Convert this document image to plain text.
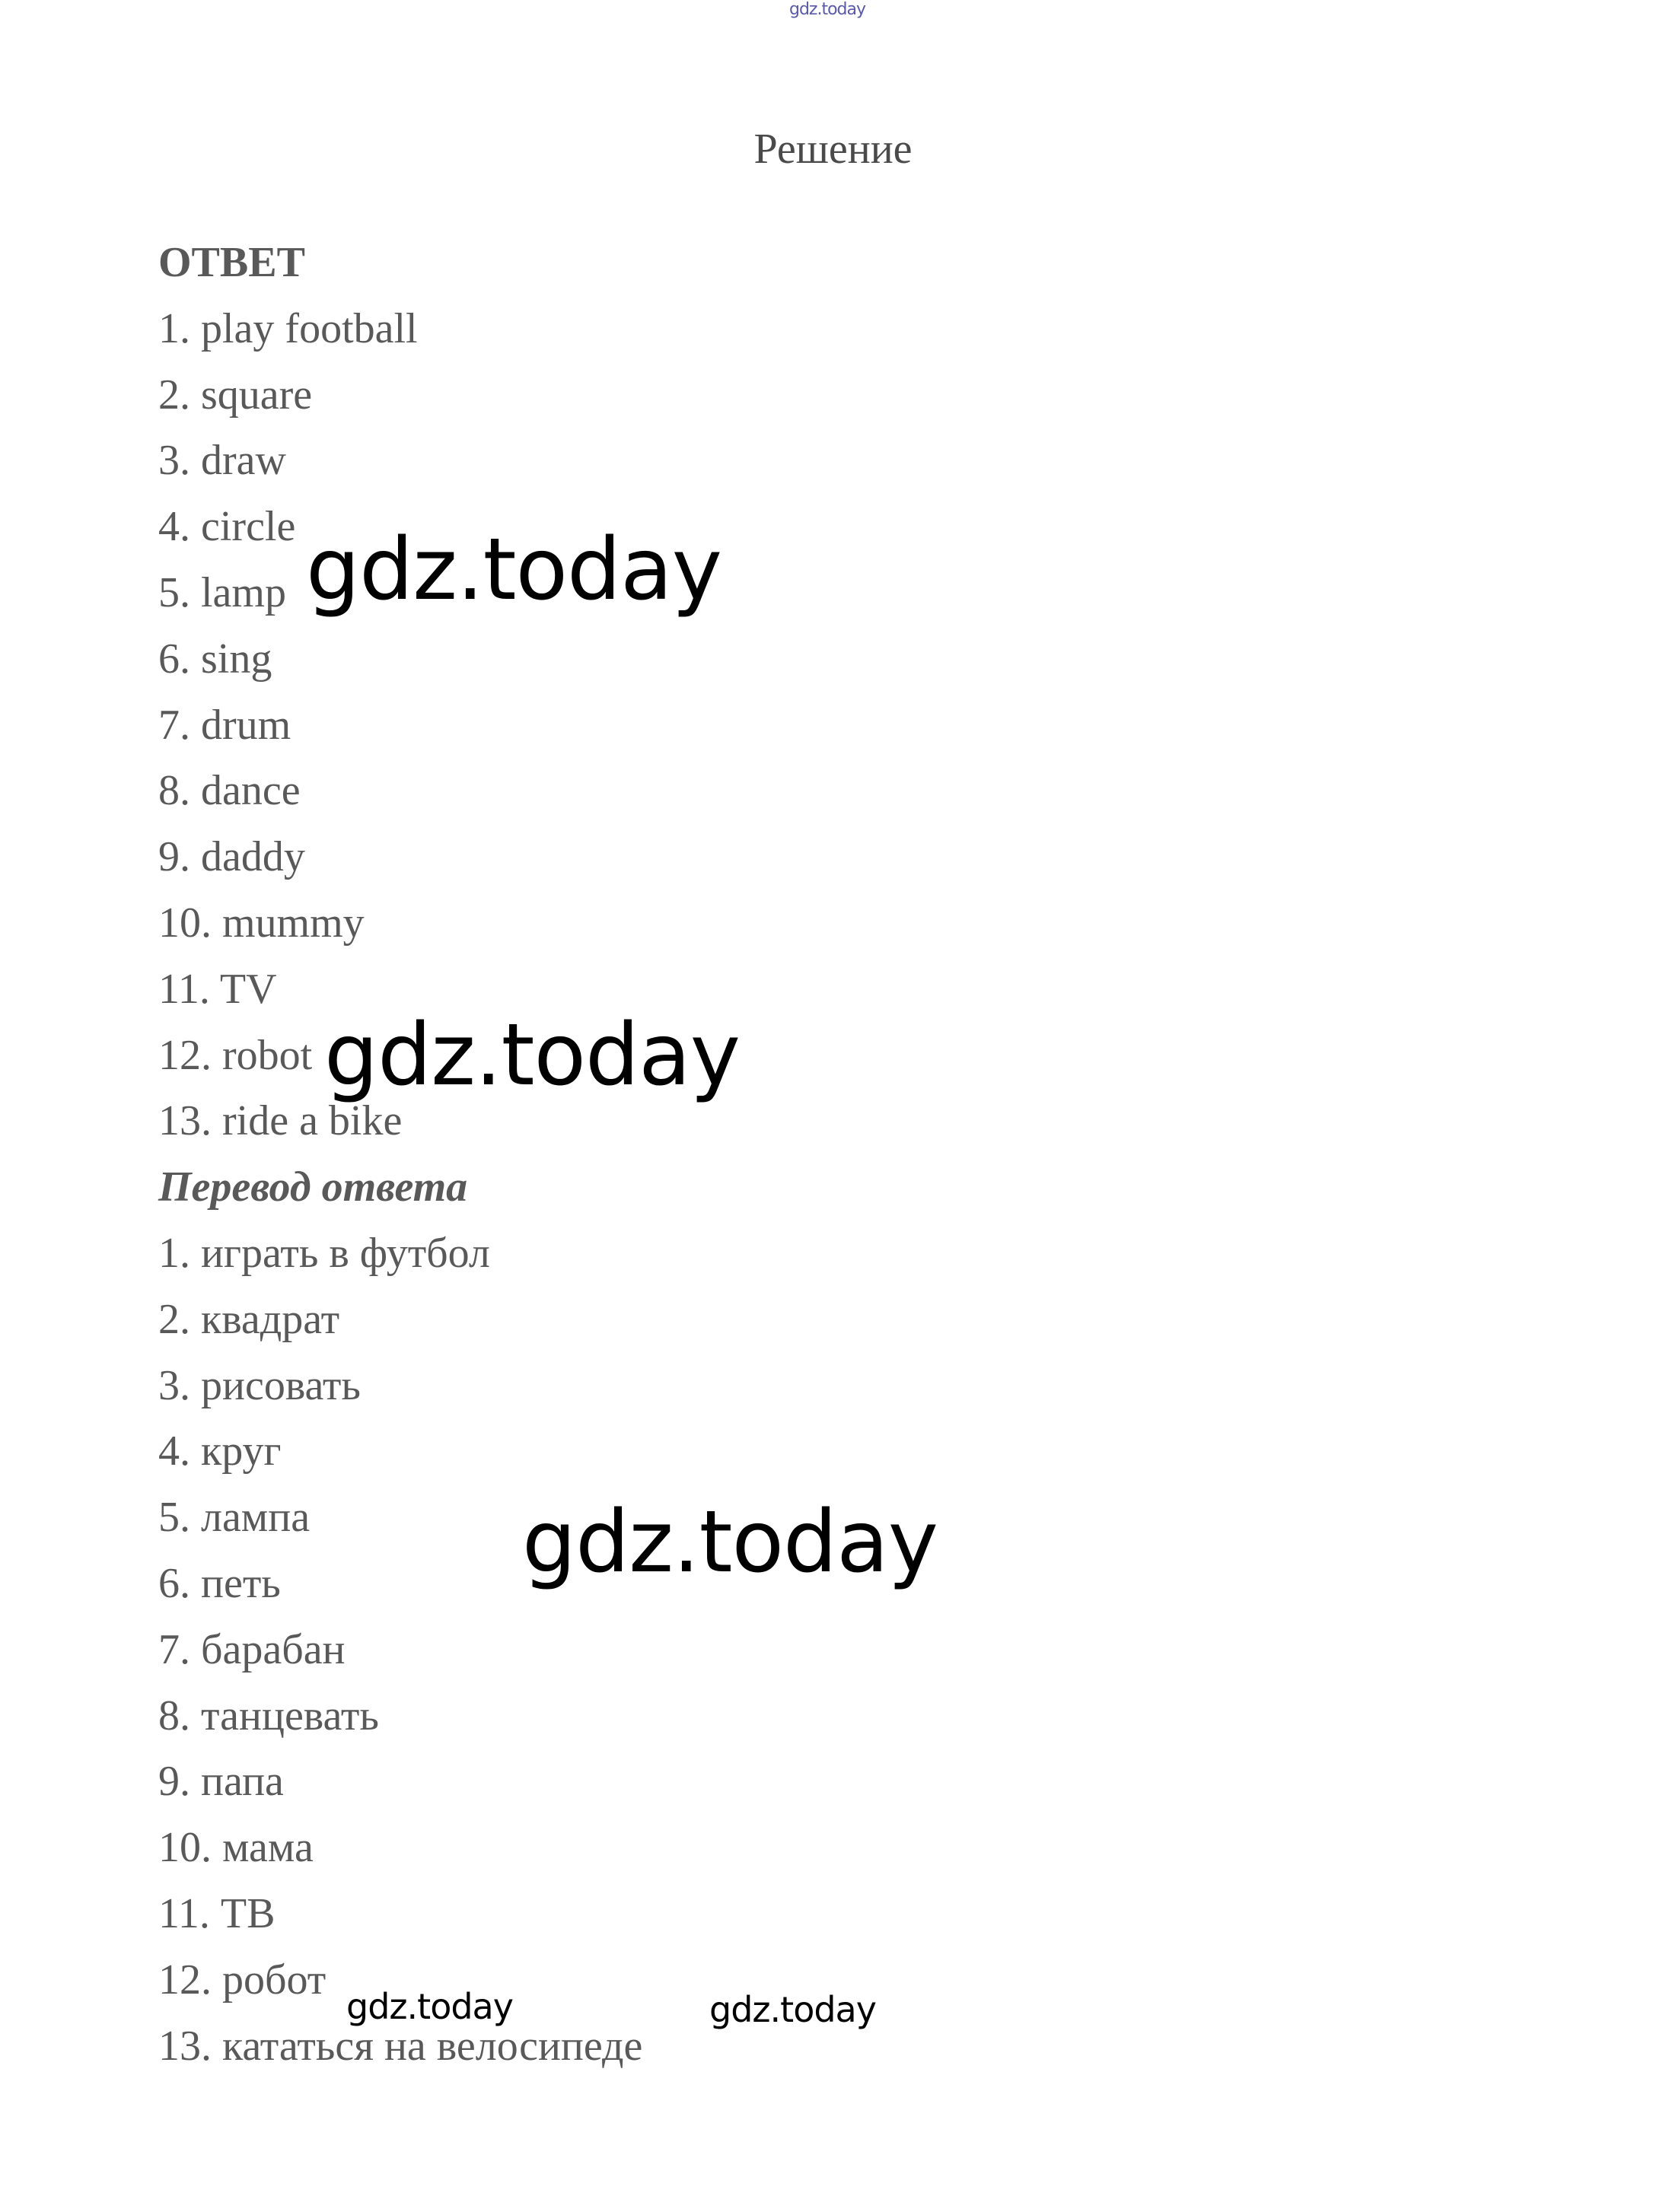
gdz.today
Решение
ОТВЕТ
1. play football
2. square
3. draw
4. circle
5. lamp
6. sing
7. drum
8. dance
9. daddy
10. mummy
11. TV
12. robot
13. ride a bike
Перевод ответа
1. играть в футбол
2. квадрат
3. рисовать
4. круг
5. лампа
6. петь
7. барабан
8. танцевать
9. папа
10. мама
11. ТВ
12. робот
13. кататься на велосипеде
gdz.today
gdz.today
gdz.today
gdz.today	gdz.today
